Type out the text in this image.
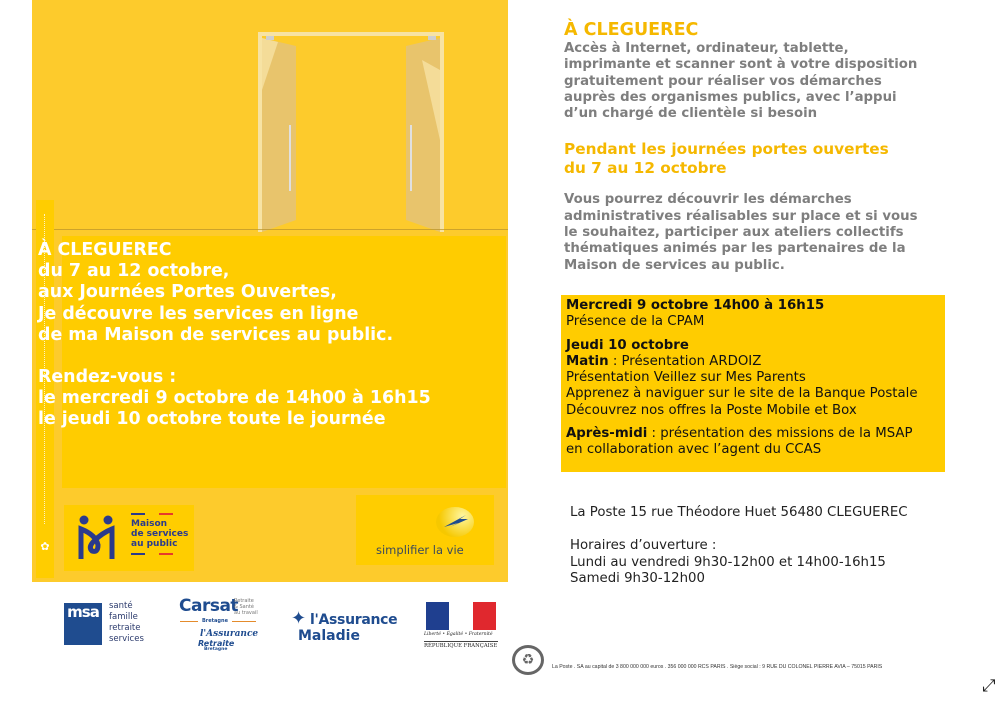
✿
À CLEGUEREC
du 7 au 12 octobre,
aux Journées Portes Ouvertes,
Je découvre les services en ligne
de ma Maison de services au public.
Rendez-vous :
le mercredi 9 octobre de 14h00 à 16h15
le jeudi 10 octobre toute le journée
Maison
de services
au public	simplifier la vie
msa	santé
famille
retraite
services
Carsat
Retraite
& Santé
au travail
Bretagne
l'Assurance
Retraite
Bretagne
✦ l'Assurance
Maladie	Liberté • Égalité • Fraternité
RÉPUBLIQUE FRANÇAISE
À CLEGUEREC
Accès à Internet, ordinateur, tablette,
imprimante et scanner sont à votre disposition
gratuitement pour réaliser vos démarches
auprès des organismes publics, avec l’appui
d’un chargé de clientèle si besoin
Pendant les journées portes ouvertes
du 7 au 12 octobre
Vous pourrez découvrir les démarches
administratives réalisables sur place et si vous
le souhaitez, participer aux ateliers collectifs
thématiques animés par les partenaires de la
Maison de services au public.
Mercredi 9 octobre 14h00 à 16h15
Présence de la CPAM
Jeudi 10 octobre
Matin : Présentation ARDOIZ
Présentation Veillez sur Mes Parents
Apprenez à naviguer sur le site de la Banque Postale
Découvrez nos offres la Poste Mobile et Box
Après-midi : présentation des missions de la MSAP
en collaboration avec l’agent du CCAS
La Poste 15 rue Théodore Huet 56480 CLEGUEREC
Horaires d’ouverture :
Lundi au vendredi 9h30-12h00 et 14h00-16h15
Samedi 9h30-12h00
♻	La Poste . SA au capital de 3 800 000 000 euros . 356 000 000 RCS PARIS . Siège social : 9 RUE DU COLONEL PIERRE AVIA – 75015 PARIS
⤢
